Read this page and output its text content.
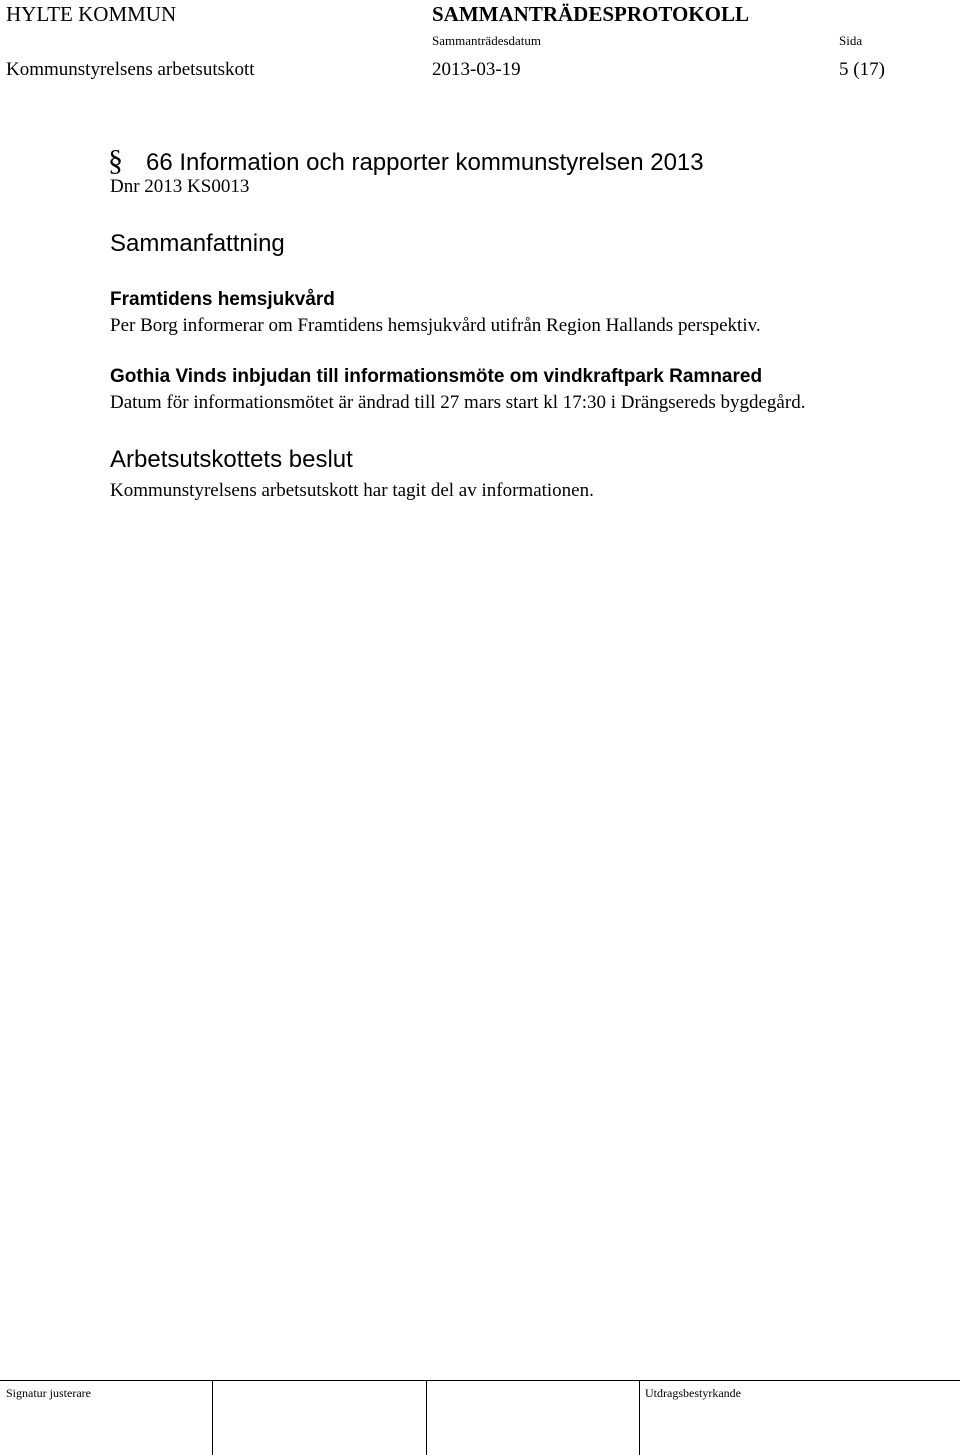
HYLTE KOMMUN	SAMMANTRÄDESPROTOKOLL
Sammanträdesdatum	Sida
Kommunstyrelsens arbetsutskott	2013-03-19	5 (17)
§ 66 Information och rapporter kommunstyrelsen 2013
Dnr 2013 KS0013
Sammanfattning
Framtidens hemsjukvård
Per Borg informerar om Framtidens hemsjukvård utifrån Region Hallands perspektiv.
Gothia Vinds inbjudan till informationsmöte om vindkraftpark Ramnared
Datum för informationsmötet är ändrad till 27 mars start kl 17:30 i Drängsereds bygdegård.
Arbetsutskottets beslut
Kommunstyrelsens arbetsutskott har tagit del av informationen.
Signatur justerare	Utdragsbestyrkande
